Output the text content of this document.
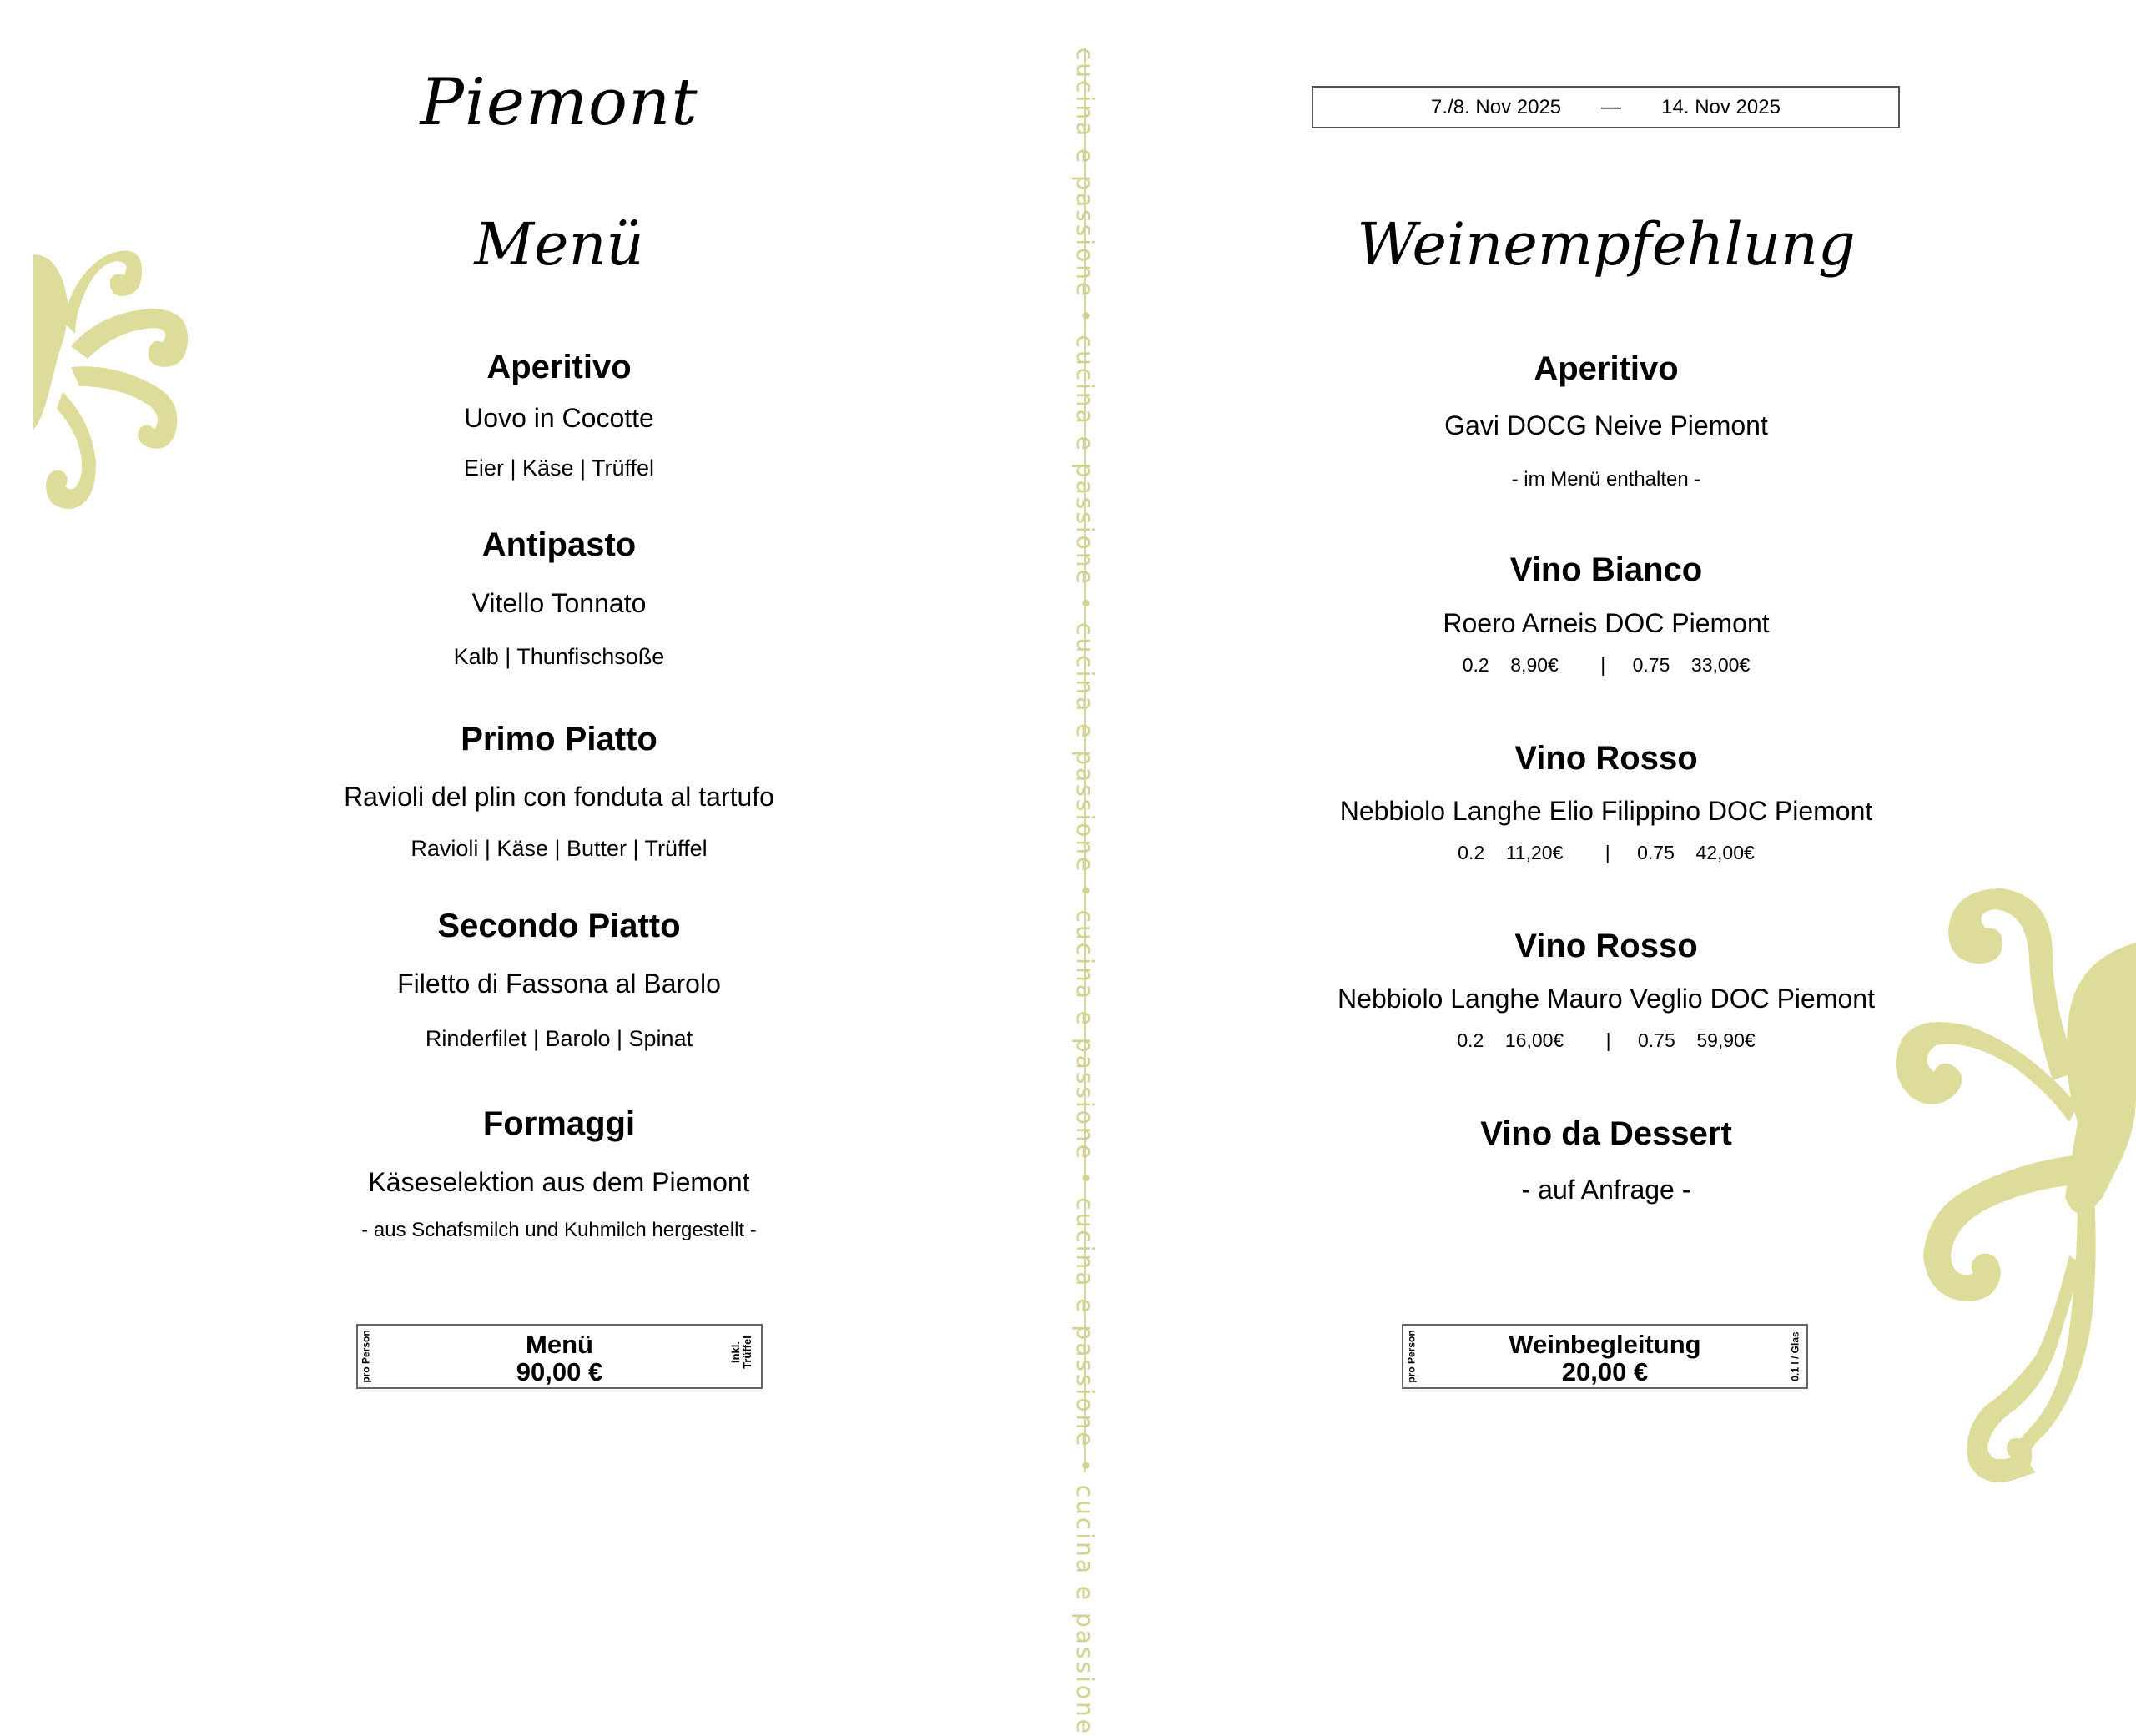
Piemont
Menü
Aperitivo
Uovo in Cocotte
Eier | Käse | Trüffel
Antipasto
Vitello Tonnato
Kalb | Thunfischsoße
Primo Piatto
Ravioli del plin con fonduta al tartufo
Ravioli | Käse | Butter | Trüffel
Secondo Piatto
Filetto di Fassona al Barolo
Rinderfilet | Barolo | Spinat
Formaggi
Käseselektion aus dem Piemont
- aus Schafsmilch und Kuhmilch hergestellt -
pro Person	Menü
90,00 €
inkl. Trüffel	cucina e passione • cucina e passione • cucina e passione • cucina e passione • cucina e passione • cucina e passione	7./8. Nov 2025 — 14. Nov 2025
Weinempfehlung
Aperitivo
Gavi DOCG Neive Piemont
- im Menü enthalten -
Vino Bianco
Roero Arneis DOC Piemont
0.2 8,90€ | 0.75 33,00€
Vino Rosso
Nebbiolo Langhe Elio Filippino DOC Piemont
0.2 11,20€ | 0.75 42,00€
Vino Rosso
Nebbiolo Langhe Mauro Veglio DOC Piemont
0.2 16,00€ | 0.75 59,90€
Vino da Dessert
- auf Anfrage -
pro Person	Weinbegleitung
20,00 €	0.1 l / Glas
